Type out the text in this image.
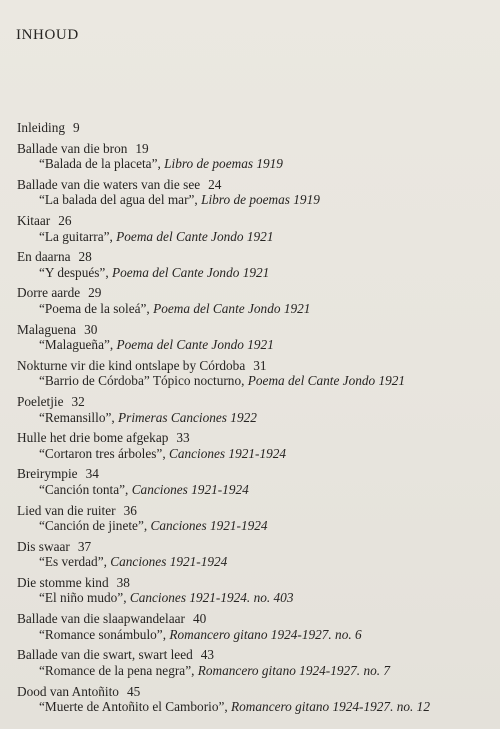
INHOUD
Inleiding 9
Ballade van die bron 19
“Balada de la placeta”, Libro de poemas 1919
Ballade van die waters van die see 24
“La balada del agua del mar”, Libro de poemas 1919
Kitaar 26
“La guitarra”, Poema del Cante Jondo 1921
En daarna 28
“Y después”, Poema del Cante Jondo 1921
Dorre aarde 29
“Poema de la soleá”, Poema del Cante Jondo 1921
Malaguena 30
“Malagueña”, Poema del Cante Jondo 1921
Nokturne vir die kind ontslape by Córdoba 31
“Barrio de Córdoba” Tópico nocturno, Poema del Cante Jondo 1921
Poeletjie 32
“Remansillo”, Primeras Canciones 1922
Hulle het drie bome afgekap 33
“Cortaron tres árboles”, Canciones 1921-1924
Breirympie 34
“Canción tonta”, Canciones 1921-1924
Lied van die ruiter 36
“Canción de jinete”, Canciones 1921-1924
Dis swaar 37
“Es verdad”, Canciones 1921-1924
Die stomme kind 38
“El niño mudo”, Canciones 1921-1924. no. 403
Ballade van die slaapwandelaar 40
“Romance sonámbulo”, Romancero gitano 1924-1927. no. 6
Ballade van die swart, swart leed 43
“Romance de la pena negra”, Romancero gitano 1924-1927. no. 7
Dood van Antoñito 45
“Muerte de Antoñito el Camborio”, Romancero gitano 1924-1927. no. 12
